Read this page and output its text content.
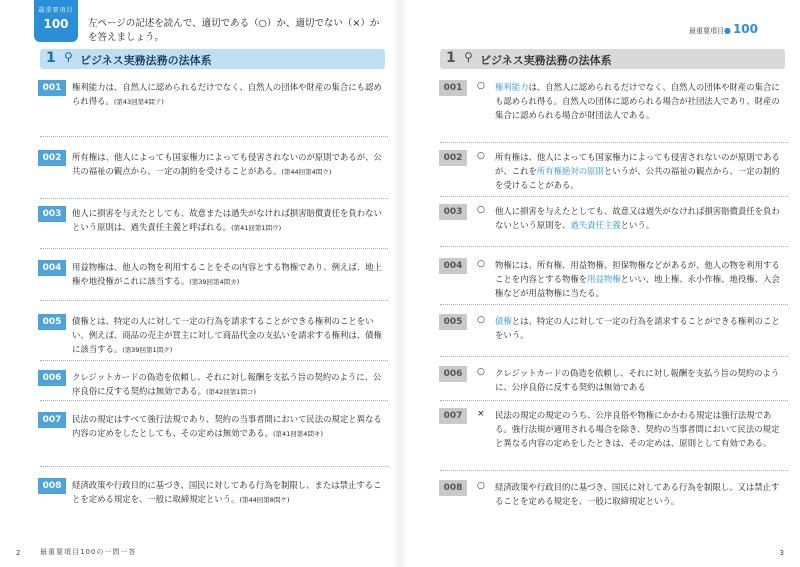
最重要項目
100	左ページの記述を読んで、適切である（○）か、適切でない（×）かを答えましょう。
1 ⚲ ビジネス実務法務の法体系
001	権利能力は、自然人に認められるだけでなく、自然人の団体や財産の集合にも認められ得る。(第43回第4問ア)
002	所有権は、他人によっても国家権力によっても侵害されないのが原則であるが、公共の福祉の観点から、一定の制約を受けることがある。(第44回第4問ウ)
003	他人に損害を与えたとしても、故意または過失がなければ損害賠償責任を負わないという原則は、過失責任主義と呼ばれる。(第41回第1問ウ)
004	用益物権は、他人の物を利用することをその内容とする物権であり、例えば、地上権や地役権がこれに該当する。(第39回第4問カ)
005	債権とは、特定の人に対して一定の行為を請求することができる権利のことをいい、例えば、商品の売主が買主に対して商品代金の支払いを請求する権利は、債権に該当する。(第39回第1問ク)
006	クレジットカードの偽造を依頼し、それに対し報酬を支払う旨の契約のように、公序良俗に反する契約は無効である。(第42回第1問コ)
007	民法の規定はすべて強行法規であり、契約の当事者間において民法の規定と異なる内容の定めをしたとしても、その定めは無効である。(第41回第4問キ)
008	経済政策や行政目的に基づき、国民に対してある行為を制限し、または禁止することを定める規定を、一般に取締規定という。(第44回第8問ケ)
2	最重要項目100の一問一答
最重要項目● 100
1 ⚲ ビジネス実務法務の法体系
001	○ 権利能力は、自然人に認められるだけでなく、自然人の団体や財産の集合にも認められ得る。自然人の団体に認められる場合が社団法人であり、財産の集合に認められる場合が財団法人である。
002	○ 所有権は、他人によっても国家権力によっても侵害されないのが原則であるが、これを所有権絶対の原則というが、公共の福祉の観点から、一定の制約を受けることがある。
003	○ 他人に損害を与えたとしても、故意又は過失がなければ損害賠償責任を負わないという原則を、過失責任主義という。
004	○ 物権には、所有権、用益物権、担保物権などがあるが、他人の物を利用することを内容とする物権を用益物権といい、地上権、永小作権、地役権、入会権などが用益物権に当たる。
005	○ 債権とは、特定の人に対して一定の行為を請求することができる権利のことをいう。
006	○ クレジットカードの偽造を依頼し、それに対し報酬を支払う旨の契約のように、公序良俗に反する契約は無効である
007	× 民法の規定の規定のうち、公序良俗や物権にかかわる規定は強行法規である。強行法規が適用される場合を除き、契約の当事者間において民法の規定と異なる内容の定めをしたときは、その定めは、原則として有効である。
008	○ 経済政策や行政目的に基づき、国民に対してある行為を制限し、又は禁止することを定める規定を、一般に取締規定という。
3
